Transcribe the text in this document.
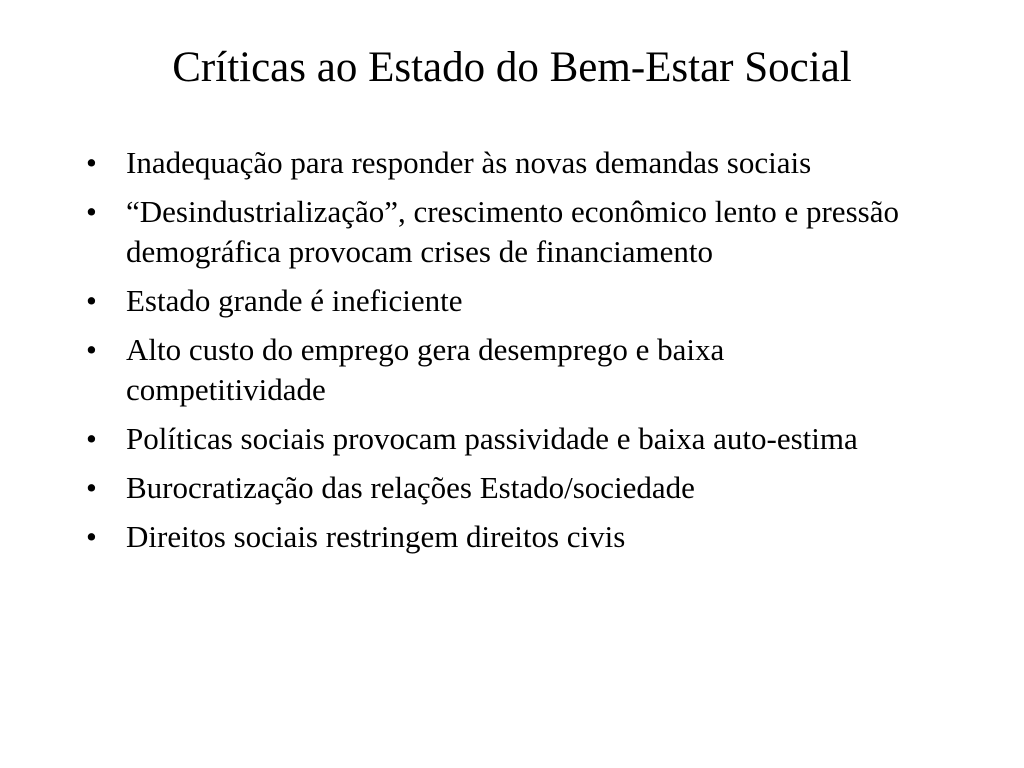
Críticas ao Estado do Bem-Estar Social
• Inadequação para responder às novas demandas sociais
• “Desindustrialização”, crescimento econômico lento e pressão demográfica provocam crises de financiamento
• Estado grande é ineficiente
• Alto custo do emprego gera desemprego e baixa competitividade
• Políticas sociais provocam passividade e baixa auto-estima
• Burocratização das relações Estado/sociedade
• Direitos sociais restringem direitos civis
